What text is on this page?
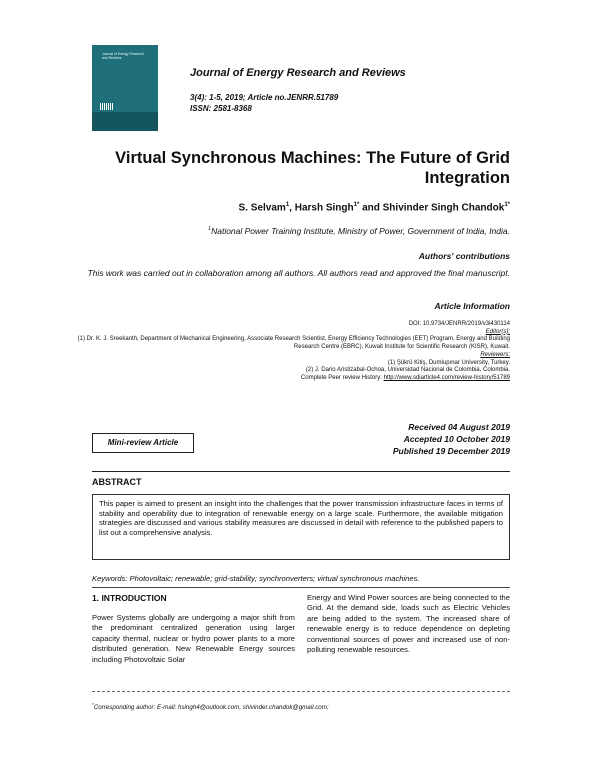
Journal of Energy Research and Reviews
Journal of Energy Research and Reviews
3(4): 1-5, 2019; Article no.JENRR.51789
ISSN: 2581-8368
Virtual Synchronous Machines: The Future of Grid Integration
S. Selvam$^1$, Harsh Singh$^{1*}$ and Shivinder Singh Chandok$^{1*}$
$^1$National Power Training Institute, Ministry of Power, Government of India, India.
Authors' contributions
This work was carried out in collaboration among all authors. All authors read and approved the final manuscript.
Article Information
DOI: 10.9734/JENRR/2019/v3i430114
Editor(s):
(1) Dr. K. J. Sreekanth, Department of Mechanical Engineering, Associate Research Scientist, Energy Efficiency Technologies (EET) Program, Energy and Building Research Centre (EBRC), Kuwait Institute for Scientific Research (KISR), Kuwait.
Reviewers:
(1) Şükrü Kitiş, Dumlupınar University, Turkey.
(2) J. Dario Aristizabal-Ochoa, Universidad Nacional de Colombia, Colombia.
Complete Peer review History: http://www.sdiarticle4.com/review-history/51789
Received 04 August 2019
Accepted 10 October 2019
Published 19 December 2019
Mini-review Article
ABSTRACT
This paper is aimed to present an insight into the challenges that the power transmission infrastructure faces in terms of stability and operability due to integration of renewable energy on a large scale. Furthermore, the available mitigation strategies are discussed and various stability measures are discussed in detail with reference to the published papers to list out a comprehensive analysis.
Keywords: Photovoltaic; renewable; grid-stability; synchronverters; virtual synchronous machines.
1. INTRODUCTION
Power Systems globally are undergoing a major shift from the predominant centralized generation using larger capacity thermal, nuclear or hydro power plants to a more distributed generation. New Renewable Energy sources including Photovoltaic Solar
Energy and Wind Power sources are being connected to the Grid. At the demand side, loads such as Electric Vehicles are being added to the system. The increased share of renewable energy is to reduce dependence on depleting conventional sources of power and increased use of non-polluting renewable resources.
*Corresponding author: E-mail: hsingh4@outlook.com, shivinder.chandok@gmail.com;
